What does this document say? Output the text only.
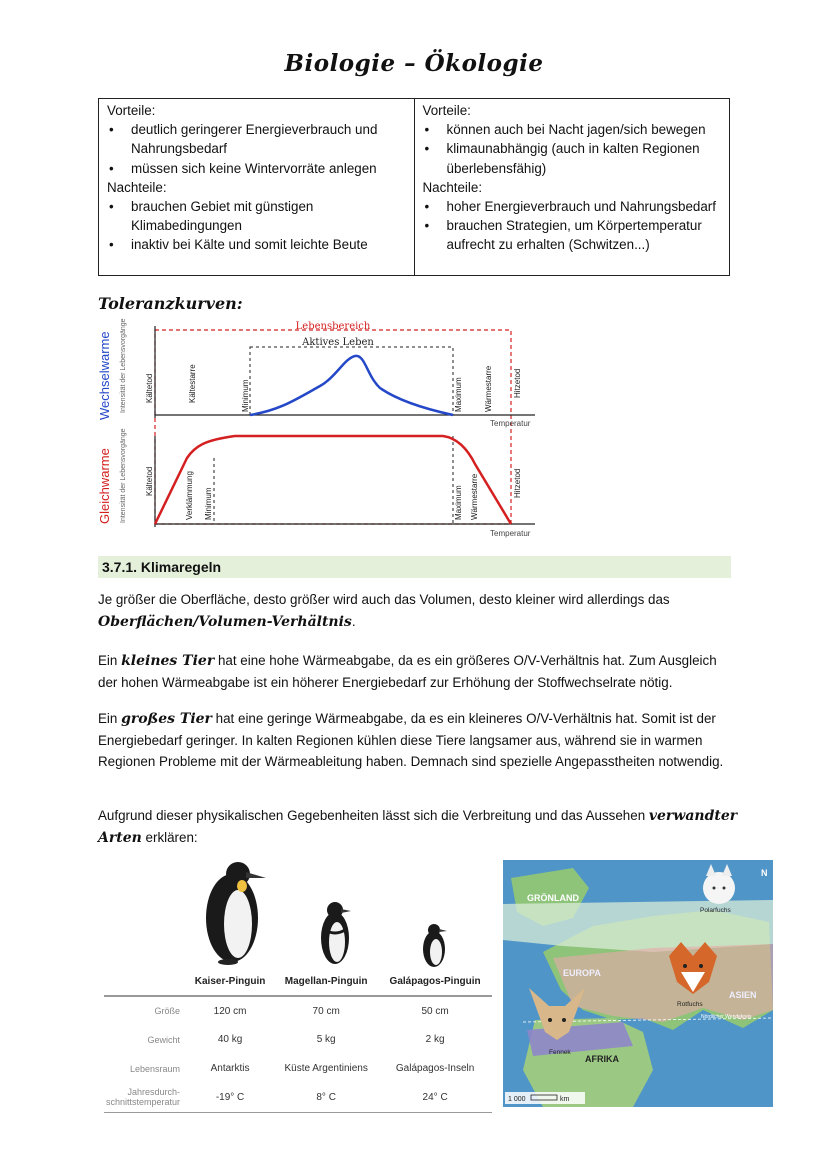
Biologie – Ökologie
Vorteile:
• deutlich geringerer Energieverbrauch und Nahrungsbedarf
• müssen sich keine Wintervorräte anlegen
Nachteile:
• brauchen Gebiet mit günstigen Klimabedingungen
• inaktiv bei Kälte und somit leichte Beute

Vorteile:
• können auch bei Nacht jagen/sich bewegen
• klimaunabhängig (auch in kalten Regionen überlebensfähig)
Nachteile:
• hoher Energieverbrauch und Nahrungsbedarf
• brauchen Strategien, um Körpertemperatur aufrecht zu erhalten (Schwitzen...)
Toleranzkurven:
Wechselwarme
Gleichwarme
Intensität der Lebensvorgänge
Intensität der Lebensvorgänge
Lebensbereich
Aktives Leben
Temperatur
Kältetod	Kältestarre	Minimum	Maximum	Wärmestarre	Hitzetod
Temperatur
Kältetod	Verklämmung Minimum	Maximum Wärmestarre	Hitzetod
3.7.1. Klimaregeln
Je größer die Oberfläche, desto größer wird auch das Volumen, desto kleiner wird allerdings das Oberflächen/Volumen-Verhältnis.
Ein kleines Tier hat eine hohe Wärmeabgabe, da es ein größeres O/V-Verhältnis hat. Zum Ausgleich der hohen Wärmeabgabe ist ein höherer Energiebedarf zur Erhöhung der Stoffwechselrate nötig.
Ein großes Tier hat eine geringe Wärmeabgabe, da es ein kleineres O/V-Verhältnis hat. Somit ist der Energiebedarf geringer. In kalten Regionen kühlen diese Tiere langsamer aus, während sie in warmen Regionen Probleme mit der Wärmeableitung haben. Demnach sind spezielle Angepasstheiten notwendig.
Aufgrund dieser physikalischen Gegebenheiten lässt sich die Verbreitung und das Aussehen verwandter Arten erklären:
	Kaiser-Pinguin	Magellan-Pinguin	Galápagos-Pinguin
Größe	120 cm	70 cm	50 cm
Gewicht	40 kg	5 kg	2 kg
Lebensraum	Antarktis	Küste Argentiniens	Galápagos-Inseln
Jahresdurch-schnittstemperatur	-19° C	8° C	24° C
GRÖNLAND
EUROPA
ASIEN
AFRIKA
Polarfuchs
Rotfuchs
Fennek
Nördlicher Wendekreis
N
1 000	km
